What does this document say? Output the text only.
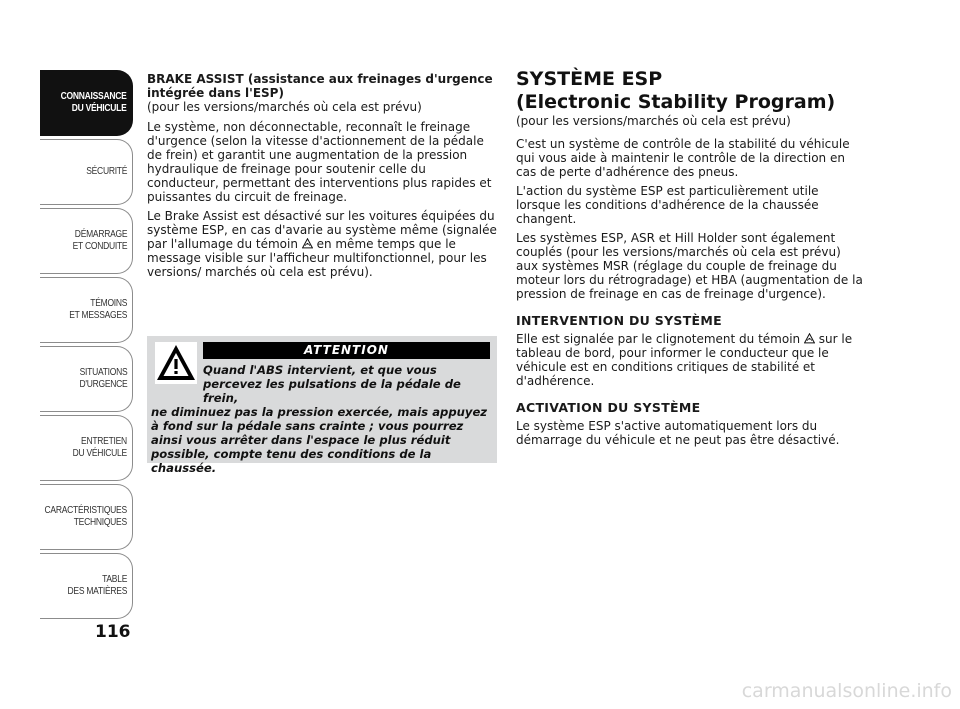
CONNAISSANCE
DU VÉHICULE
SÉCURITÉ
DÉMARRAGE
ET CONDUITE
TÉMOINS
ET MESSAGES
SITUATIONS
D'URGENCE
ENTRETIEN
DU VÉHICULE
CARACTÉRISTIQUES
TECHNIQUES
TABLE
DES MATIÈRES
116
BRAKE ASSIST (assistance aux freinages d'urgence intégrée dans l'ESP)

(pour les versions/marchés où cela est prévu)

Le système, non déconnectable, reconnaît le freinage d'urgence (selon la vitesse d'actionnement de la pédale de frein) et garantit une augmentation de la pression hydraulique de freinage pour soutenir celle du conducteur, permettant des interventions plus rapides et puissantes du circuit de freinage.

Le Brake Assist est désactivé sur les voitures équipées du système ESP, en cas d'avarie au système même (signalée par l'allumage du témoin  en même temps que le message visible sur l'afficheur multifonctionnel, pour les versions/ marchés où cela est prévu).

ATTENTION
Quand l'ABS intervient, et que vous percevez les pulsations de la pédale de frein,
ne diminuez pas la pression exercée, mais appuyez à fond sur la pédale sans crainte ; vous pourrez ainsi vous arrêter dans l'espace le plus réduit possible, compte tenu des conditions de la chaussée.
SYSTÈME ESP
(Electronic Stability Program)

(pour les versions/marchés où cela est prévu)

C'est un système de contrôle de la stabilité du véhicule qui vous aide à maintenir le contrôle de la direction en cas de perte d'adhérence des pneus.

L'action du système ESP est particulièrement utile lorsque les conditions d'adhérence de la chaussée changent.

Les systèmes ESP, ASR et Hill Holder sont également couplés (pour les versions/marchés où cela est prévu) aux systèmes MSR (réglage du couple de freinage du moteur lors du rétrogradage) et HBA (augmentation de la pression de freinage en cas de freinage d'urgence).

INTERVENTION DU SYSTÈME

Elle est signalée par le clignotement du témoin  sur le tableau de bord, pour informer le conducteur que le véhicule est en conditions critiques de stabilité et d'adhérence.

ACTIVATION DU SYSTÈME

Le système ESP s'active automatiquement lors du démarrage du véhicule et ne peut pas être désactivé.

carmanualsonline.info
